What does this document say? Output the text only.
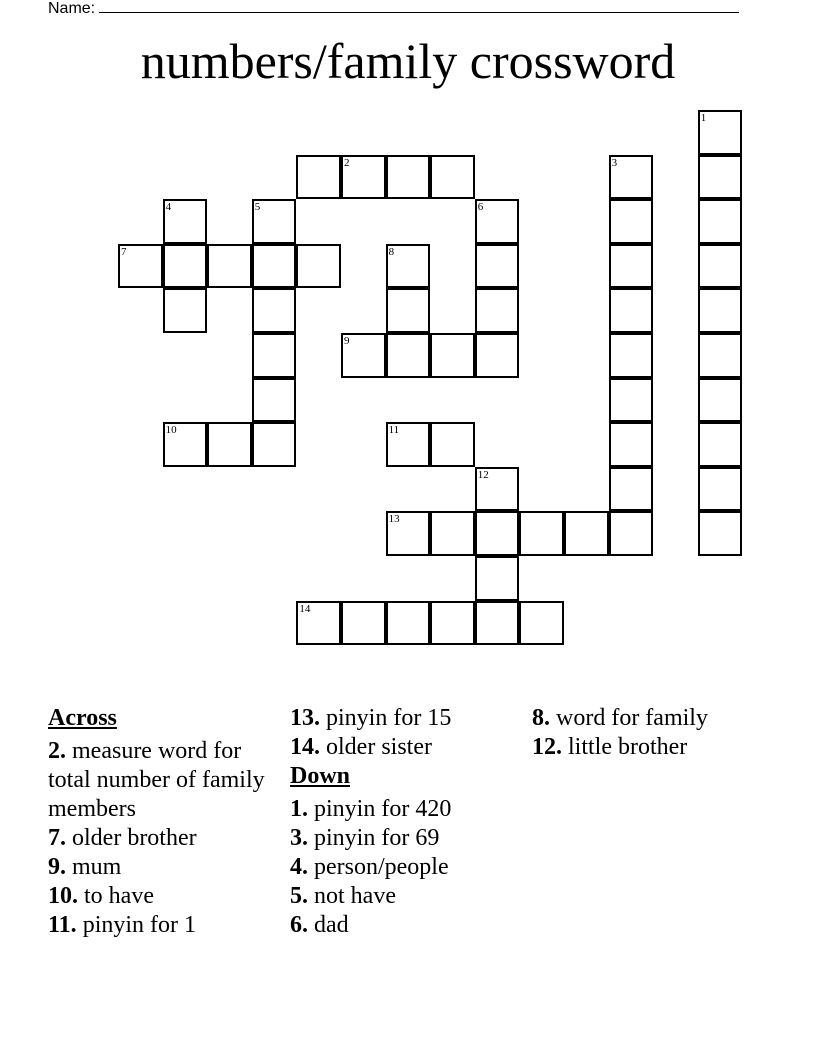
Name:
numbers/family crossword
1
2	3
4	5	6
7	8
9
10	11
12
13
14
Across
2. measure word for total number of family members
7. older brother
9. mum
10. to have
11. pinyin for 1
13. pinyin for 15
14. older sister
Down
1. pinyin for 420
3. pinyin for 69
4. person/people
5. not have
6. dad
8. word for family
12. little brother
